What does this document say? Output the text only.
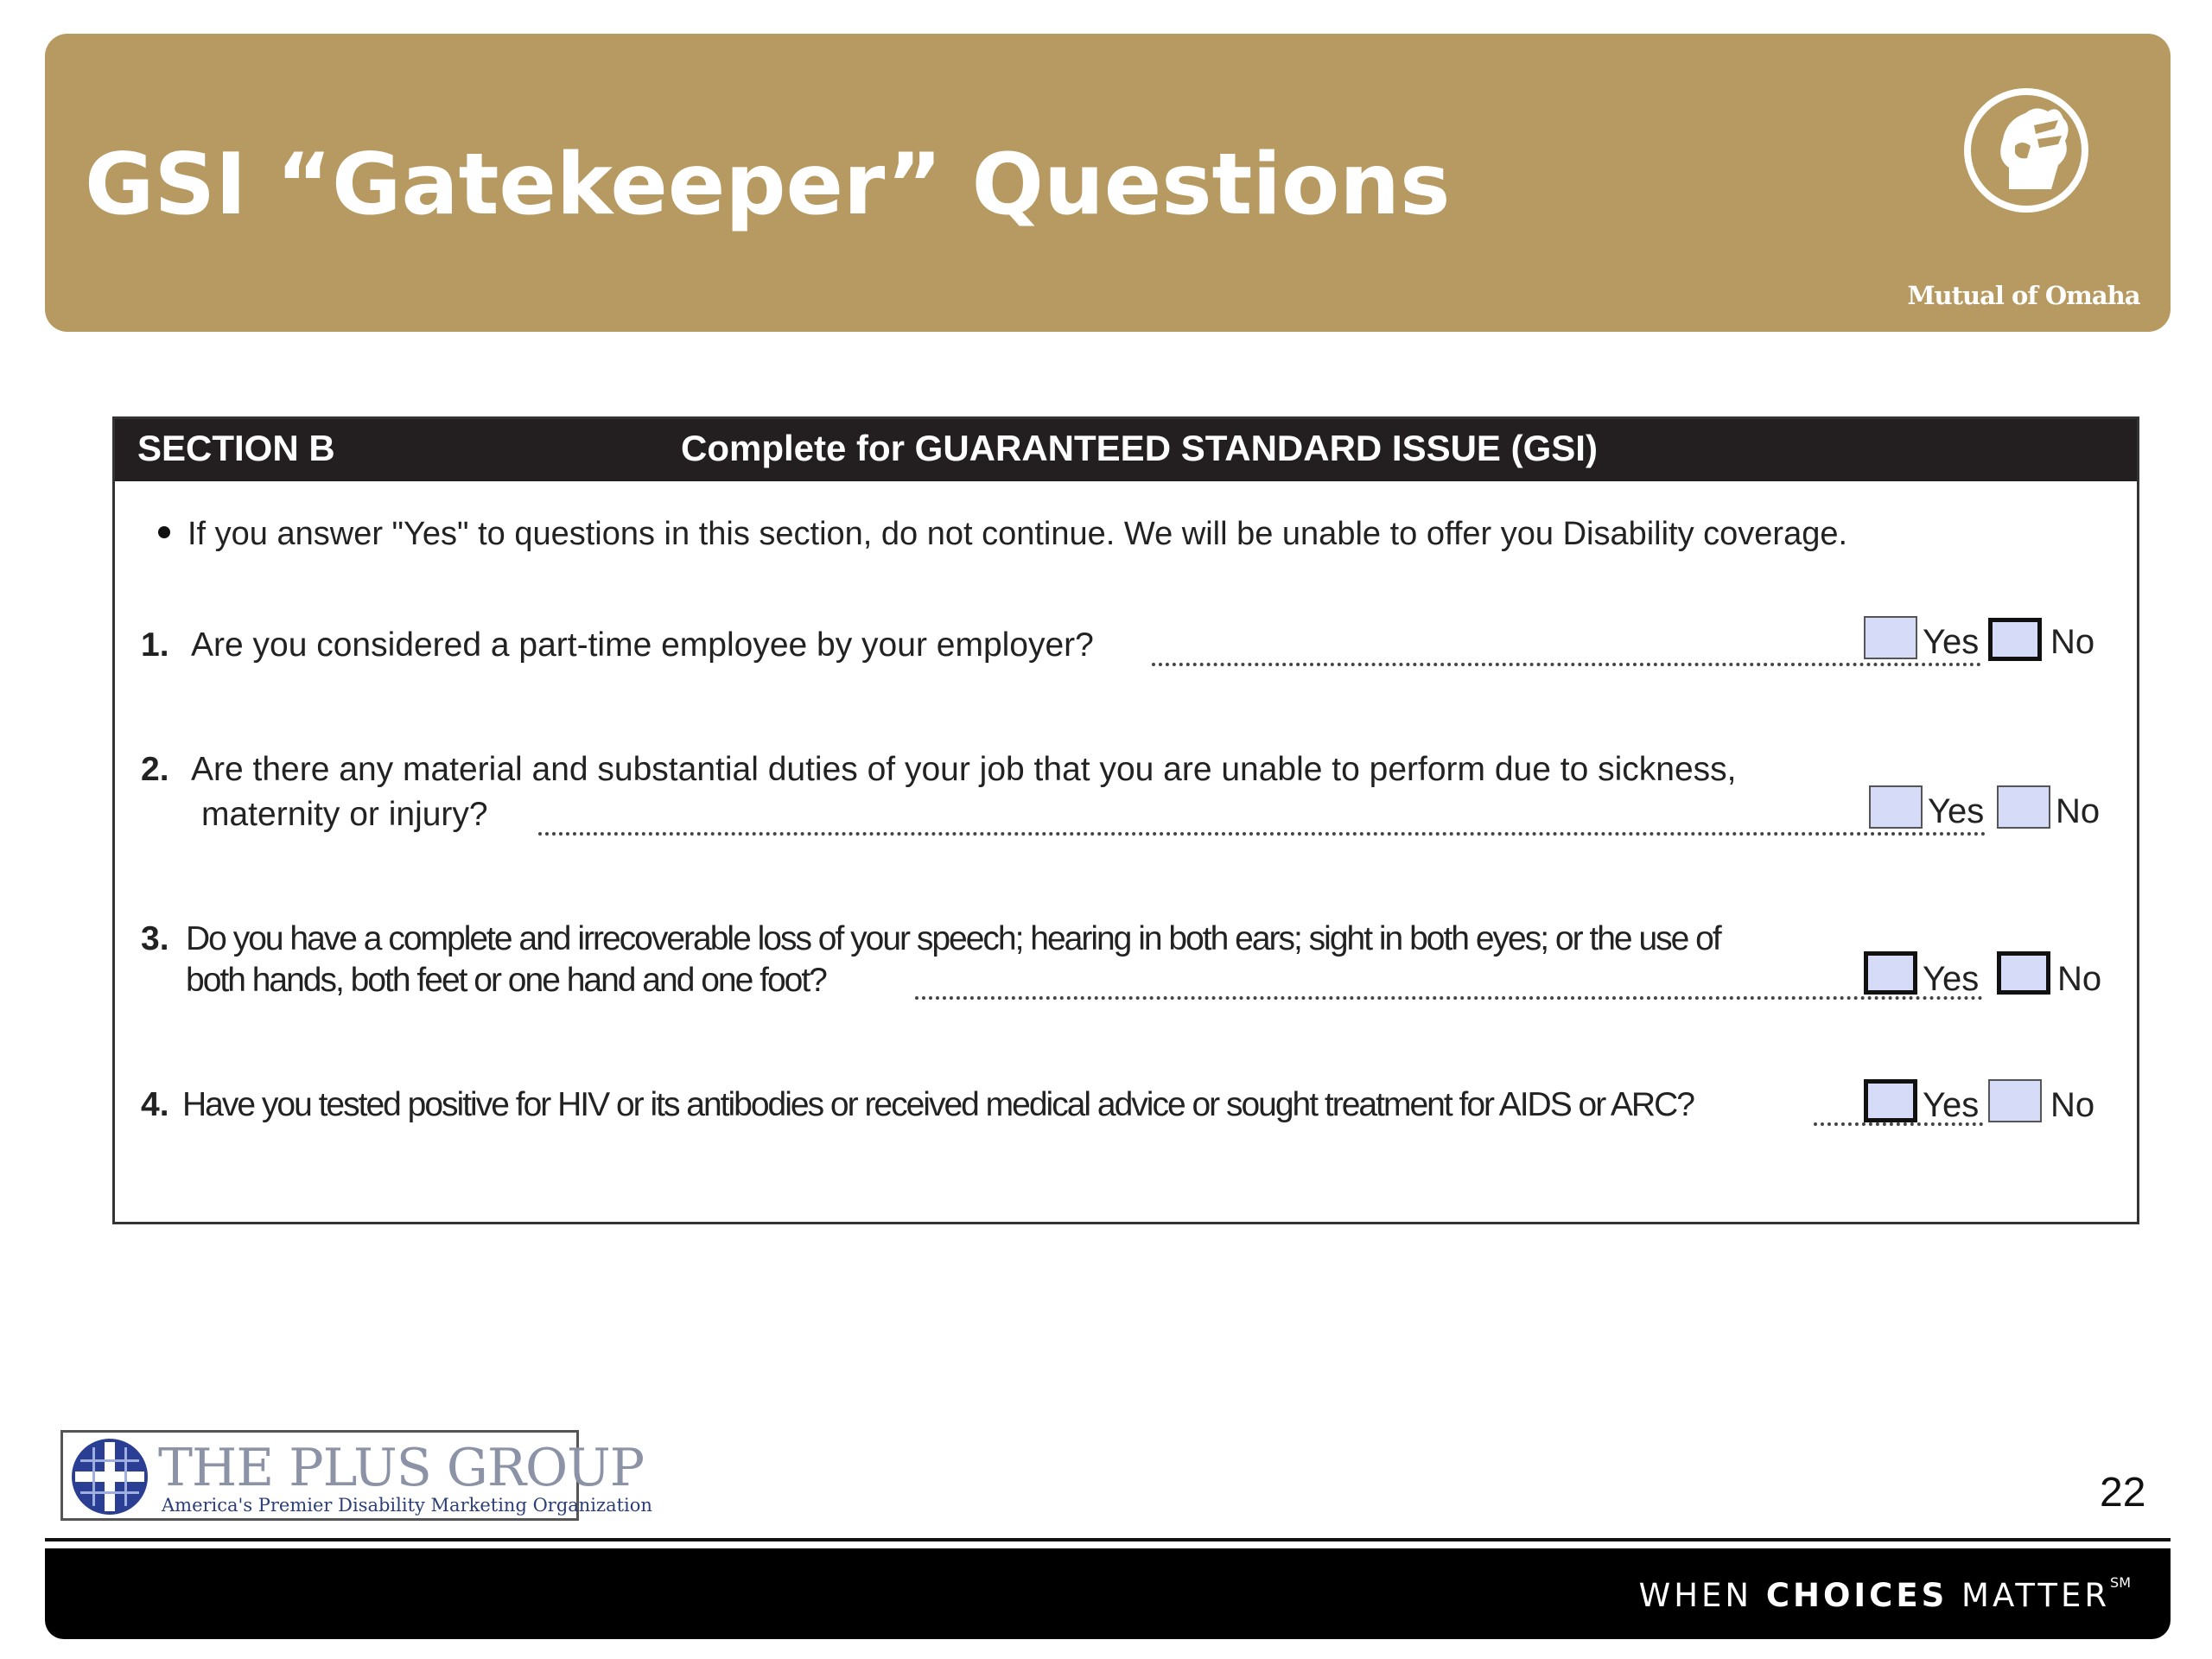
GSI “Gatekeeper” Questions
Mutual of Omaha
SECTION B	Complete for GUARANTEED STANDARD ISSUE (GSI)
If you answer "Yes" to questions in this section, do not continue. We will be unable to offer you Disability coverage.
1. Are you considered a part-time employee by your employer?	Yes No
2. Are there any material and substantial duties of your job that you are unable to perform due to sickness,
maternity or injury?	Yes No
3. Do you have a complete and irrecoverable loss of your speech; hearing in both ears; sight in both eyes; or the use of
both hands, both feet or one hand and one foot?	Yes No
4. Have you tested positive for HIV or its antibodies or received medical advice or sought treatment for AIDS or ARC?	Yes No
THE PLUS GROUP
America's Premier Disability Marketing Organization	22
WHEN CHOICES MATTER℠
